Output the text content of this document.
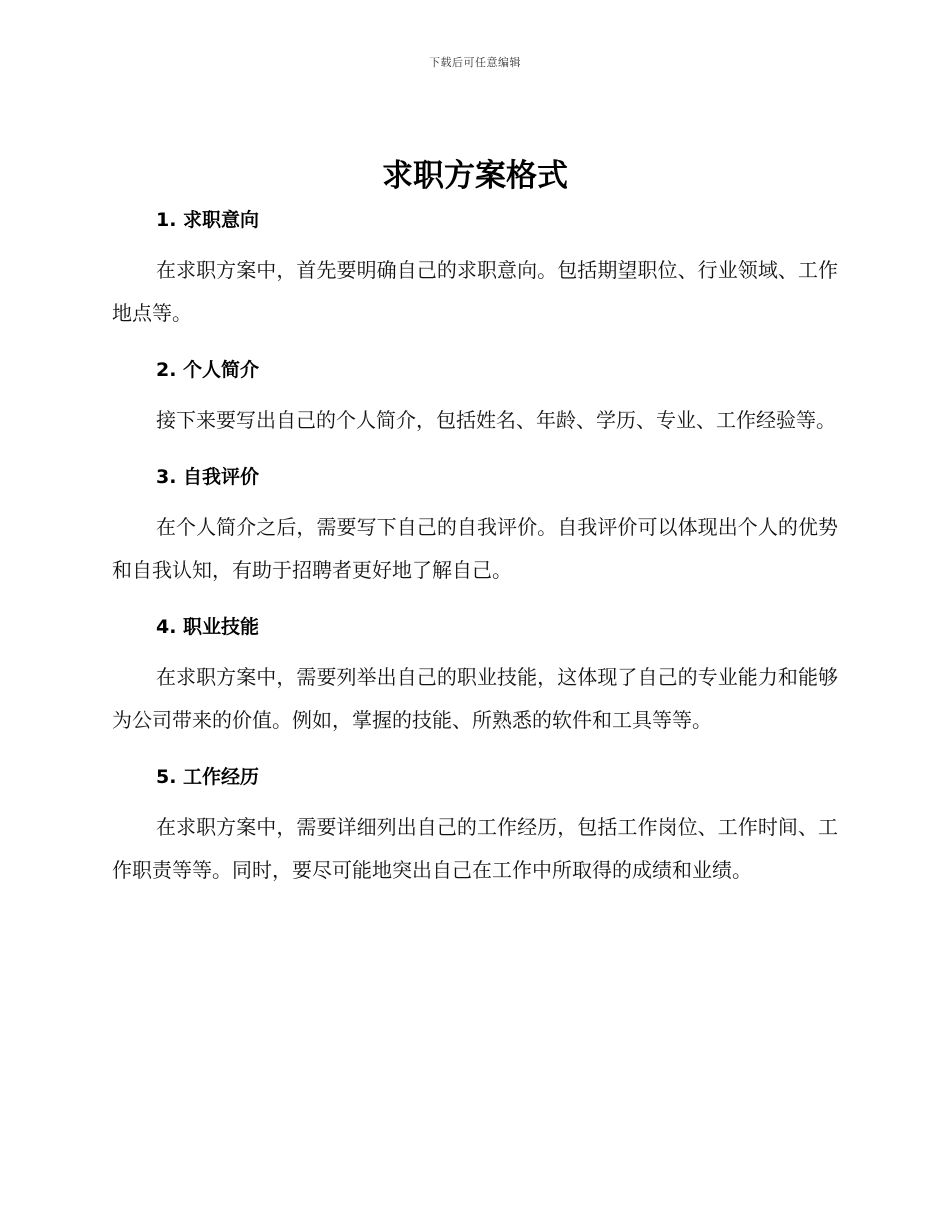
下载后可任意编辑
求职方案格式
1. 求职意向

在求职方案中，首先要明确自己的求职意向。包括期望职位、行业领域、工作地点等。

2. 个人简介

接下来要写出自己的个人简介，包括姓名、年龄、学历、专业、工作经验等。

3. 自我评价

在个人简介之后，需要写下自己的自我评价。自我评价可以体现出个人的优势和自我认知，有助于招聘者更好地了解自己。

4. 职业技能

在求职方案中，需要列举出自己的职业技能，这体现了自己的专业能力和能够为公司带来的价值。例如，掌握的技能、所熟悉的软件和工具等等。

5. 工作经历

在求职方案中，需要详细列出自己的工作经历，包括工作岗位、工作时间、工作职责等等。同时，要尽可能地突出自己在工作中所取得的成绩和业绩。
